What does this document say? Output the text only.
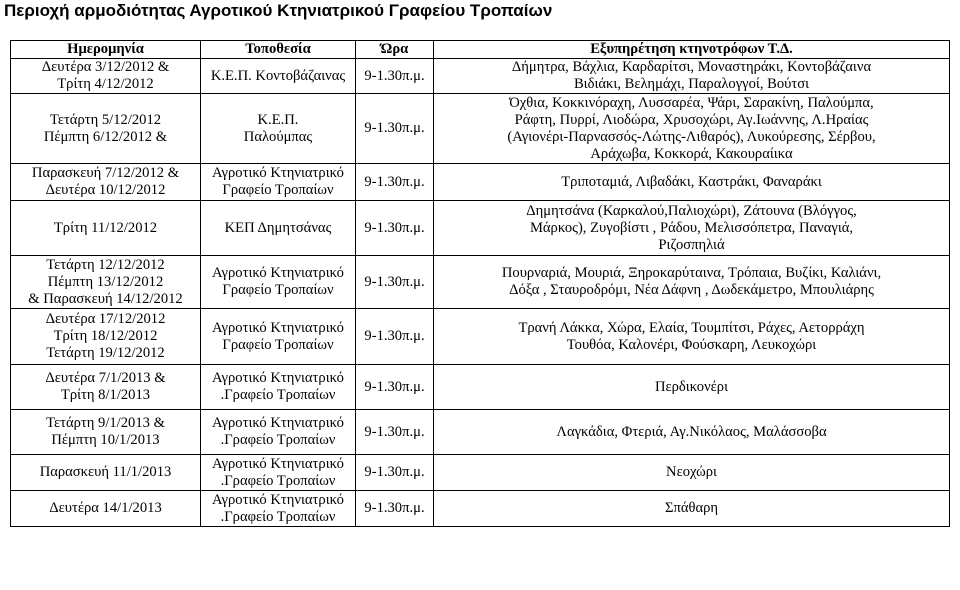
Περιοχή αρμοδιότητας Αγροτικού Κτηνιατρικού Γραφείου Τροπαίων
Ημερομηνία	Τοποθεσία	Ώρα	Εξυπηρέτηση κτηνοτρόφων Τ.Δ.

Δευτέρα 3/12/2012 &
Τρίτη 4/12/2012	Κ.Ε.Π. Κοντοβάζαινας	9-1.30π.μ.	Δήμητρα, Βάχλια, Καρδαρίτσι, Μοναστηράκι, Κοντοβάζαινα
Βιδιάκι, Βελημάχι, Παραλογγοί, Βούτσι

Τετάρτη 5/12/2012
Πέμπτη 6/12/2012 &	Κ.Ε.Π.
Παλούμπας	9-1.30π.μ.	Όχθια, Κοκκινόραχη, Λυσσαρέα, Ψάρι, Σαρακίνη, Παλούμπα,
Ράφτη, Πυρρί, Λιοδώρα, Χρυσοχώρι, Αγ.Ιωάννης, Λ.Ηραίας
(Αγιονέρι-Παρνασσός-Λώτης-Λιθαρός), Λυκούρεσης, Σέρβου,
Αράχωβα, Κοκκορά, Κακουραίικα

Παρασκευή 7/12/2012 &
Δευτέρα 10/12/2012	Αγροτικό Κτηνιατρικό
Γραφείο Τροπαίων	9-1.30π.μ.	Τριποταμιά, Λιβαδάκι, Καστράκι, Φαναράκι

Τρίτη 11/12/2012	ΚΕΠ Δημητσάνας	9-1.30π.μ.	Δημητσάνα (Καρκαλού,Παλιοχώρι), Ζάτουνα (Βλόγγος,
Μάρκος), Ζυγοβίστι , Ράδου, Μελισσόπετρα, Παναγιά,
Ριζοσπηλιά

Τετάρτη 12/12/2012
Πέμπτη 13/12/2012
& Παρασκευή 14/12/2012	Αγροτικό Κτηνιατρικό
Γραφείο Τροπαίων	9-1.30π.μ.	Πουρναριά, Μουριά, Ξηροκαρύταινα, Τρόπαια, Βυζίκι, Καλιάνι,
Δόξα , Σταυροδρόμι, Νέα Δάφνη , Δωδεκάμετρο, Μπουλιάρης

Δευτέρα 17/12/2012
Τρίτη 18/12/2012
Τετάρτη 19/12/2012	Αγροτικό Κτηνιατρικό
Γραφείο Τροπαίων	9-1.30π.μ.	Τρανή Λάκκα, Χώρα, Ελαία, Τουμπίτσι, Ράχες, Αετορράχη
Τουθόα, Καλονέρι, Φούσκαρη, Λευκοχώρι

Δευτέρα 7/1/2013 &
Τρίτη 8/1/2013	Αγροτικό Κτηνιατρικό
.Γραφείο Τροπαίων	9-1.30π.μ.	Περδικονέρι

Τετάρτη 9/1/2013 &
Πέμπτη 10/1/2013	Αγροτικό Κτηνιατρικό
.Γραφείο Τροπαίων	9-1.30π.μ.	Λαγκάδια, Φτεριά, Αγ.Νικόλαος, Μαλάσσοβα

Παρασκευή 11/1/2013	Αγροτικό Κτηνιατρικό
.Γραφείο Τροπαίων	9-1.30π.μ.	Νεοχώρι

Δευτέρα 14/1/2013	Αγροτικό Κτηνιατρικό
.Γραφείο Τροπαίων	9-1.30π.μ.	Σπάθαρη
